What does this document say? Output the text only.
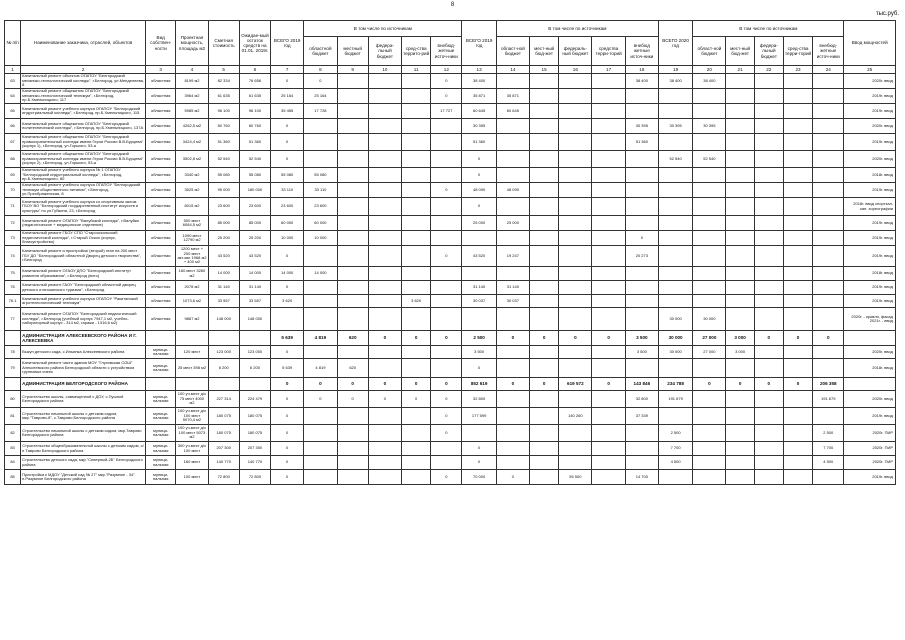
8
тыс.руб.
№ п/п	Наименование заказчика, отраслей, объектов	Вид собствен-ности	Проектная мощность, площадь м2	Сметная стоимость	Ожидае-мый остаток средств на 01.01. 2019г.	ВСЕГО 2019 год	В том числе по источникам					ВСЕГО 2019 год	В том числе по источникам					ВСЕГО 2020 год	В том числе по источникам					Ввод мощностей
							областной бюджет	местный бюджет	федера-льный бюджет	сред-ства террито-рий	внебюд-жетные источ-ники		област-ной бюджет	мест-ный бюд-жет	федераль-ный бюджет	средства терри-торий	внебюд жетные источ-ники		област-ной бюджет	мест-ный бюд-жет	федера-льный бюджет	сред-ства терри-торий	внебюд-жетные источ-ники	
1	2	3	4	5	6	7	8	9	10	11	12	13	14	15	16	17	18	19	20	21	22	23	24	25
63	Капитальный ремонт объектов ОГАПОУ "Белгородский механико-технологический колледж", г.Белгород, ул.Менделеева, 8	областная	8199 м2	82 334	76 656	0	0				0	38 400					38 400	38 400	38 400					2020г. ввод
64	Капитальный ремонт общежития ОГАПОУ "Белгородский механико-технологический техникум", г.Белгород, пр.Б.Хмельницкого, 117	областная	3964 м2	61 635	61 635	25 164	25 164				0	35 871	35 871											2019г. ввод
65	Капитальный ремонт учебного корпуса ОГАПОУ "Белгородский индустриальный колледж", г.Белгород, пр.Б.Хмельницкого, 115	областная	5985 м2	96 100	96 100	35 455	17 728				17 727	60 645	60 645											2019г. ввод
66	Капитальный ремонт общежития ОГАПОУ "Белгородский политехнический колледж", г.Белгород, пр.Б.Хмельницкого, 137А	областная	4262,5 м2	60 760	60 760	0						30 395					30 395	30 395	30 395					2020г. ввод
67	Капитальный ремонт общежития ОГАПОУ "Белгородский правоохранительный колледж имени Героя России В.В.Бурцева" (корпус 1), г.Белгород, ул.Горького, 53-а	областная	3424,4 м2	51 360	51 360	0						51 360					51 360							2019г. ввод
68	Капитальный ремонт общежития ОГАПОУ "Белгородский правоохранительный колледж имени Героя России В.В.Бурцева" (корпус 2), г.Белгород, ул.Горького, 53-а	областная	3502,8 м2	52 540	52 540	0						0						52 540	52 540					2020г. ввод
69	Капитальный ремонт учебного корпуса № 1 ОГАПОУ "Белгородский индустриальный колледж", г.Белгород, пр.Б.Хмельницкого, 80	областная	3340 м2	55 080	55 080	55 080	55 080					0												2018г. ввод
70	Капитальный ремонт учебного корпуса ОГАПОУ "Белгородский техникум общественного питания", г.Белгород, ул.Преображенская, 8	областная	3525 м2	95 000	180 000	33 110	33 110				0	48 090	48 090											2019г. ввод
71	Капитальный ремонт учебного корпуса со спортивным залом ГБОУ ВО "Белгородский государственный институт искусств и культуры" по ул.Губкина, 23, г.Белгород	областная	6015 м2	23 600	23 600	23 600	23 600					0												2018г. ввод спортзал, кап. хореографии
72	Капитальный ремонт ОГАПОУ "Валуйский колледж", г.Валуйки (педагогическое + медицинское отделение)	областная	500 мест 6084,5 м2	85 000	85 000	60 000	60 000					25 000	25 000											2019г. ввод
73	Капитальный ремонт ГБОУ СПО "Старооскольский педагогический колледж", г.Старый Оскол (корпус, благоустройство)	областная	1090 мест 12790 м2	25 200	25 200	10 000	10 000										0							2019г. ввод
74	Капитальный ремонт и пристройка/ (второй) этап на 200 мест ГБУ ДО "Белгородский областной Дворец детского творчества", г.Белгород	областная	1200 мест + 200 мест акт.зал 1968 м2 + 400 м2	43 520	43 520	0					0	43 520	19 247				20 273							2019г. ввод
75	Капитальный ремонт ОГАОУ ДПО "Белгородский институт развития образования", г.Белгород (вито)	областная	160 мест 3260 м2	14 000	14 000	14 000	14 000																	2018г. ввод
76	Капитальный ремонт ГАОУ "Белгородский областной дворец детского и юношеского туризма", г.Белгород	областная	2078 м2	31 140	31 140	0						31 140	31 140											2019г. ввод
76.1	Капитальный ремонт учебного корпуса ОГАПОУ "Ракитянский агротехнологический техникум"	областная	1073,6 м2	33 557	33 557	3 620				3 620		30 037	30 037											2019г. ввод
77	Капитальный ремонт ОГАПОУ "Белгородский педагогический колледж", г.Белгород (учебный корпус 7947,1 м2, учебно-лабораторный корпус - 314 м2, гаражи - 1316,6 м2)	областная	9867 м2	148 000	148 000													30 000	30 000					2020г. - кровля, фасад 2021г. - ввод
	АДМИНИСТРАЦИЯ АЛЕКСЕЕВСКОГО РАЙОНА И Г. АЛЕКСЕЕВКА					5 639	4 819	620	0	0	0	2 500	0	0	0	0	3 500	30 000	27 000	3 000	0	0	0	
78	Выкуп детского сада, с.Ильинка Алексеевского района	муници-пальная	120 мест	123 000	123 000	0						3 500					3 500	30 000	27 000	3 000				2020г. ввод
79	Капитальный ремонт части здания МОУ "Глуховская СОШ" Алексеевского района Белгородской области с устройством групповых ячеек	муници-пальная	25 мест 398 м2	6 200	6 200	5 639	4 819	620				0												2018г. ввод
	АДМИНИСТРАЦИЯ БЕЛГОРОДСКОГО РАЙОНА					0	0	0	0	0	0	852 619	0	0	619 572	0	143 846	234 788	0	0	0	0	206 358	
80	Строительство школы, совмещенной с ДОУ, с.Пушной Белгородского района	муници-пальная	100 уч.мест д/с 75 мест 4000 м2	227 314	224 479	0	0	0	0	0	0	32 800					32 800	191 679					191 679	2020г. ввод
81	Строительство начальной школы с детским садом, мкр."Таврово-8", с.Таврово Белгородского района	муници-пальная	100 уч.мест д/с 100 мест 5070,4 м2	180 075	180 075	0					0	177 599			140 260		37 339							2019г. ввод
82	Строительство начальной школы с детским садом, мкр.Таврово Белгородского района	муници-пальная	100 уч.мест д/с 100 мест 5073 м2	180 075	180 075	0					0							2 500					2 500	2020г. ПИР
83	Строительство общеобразовательной школы с детским садом, с/п Таврово Белгородского района	муници-пальная	300 уч.мест д/с 100 мест	207 300	207 300	0						0						7 700					7 700	2020г. ПИР
84	Строительство детского сада, мкр."Северный-2Б" Белгородского района	муници-пальная	160 мест	140 770	140 770	0						0						4 500					4 500	2020г. ПИР
85	Пристройка к МДОУ "Детский сад № 27" мкр."Разумное - 34" п.Разумное Белгородского района	муници-пальная	100 мест	72 800	72 800	0					0	70 000	0		55 500		14 700							2019г. ввод
